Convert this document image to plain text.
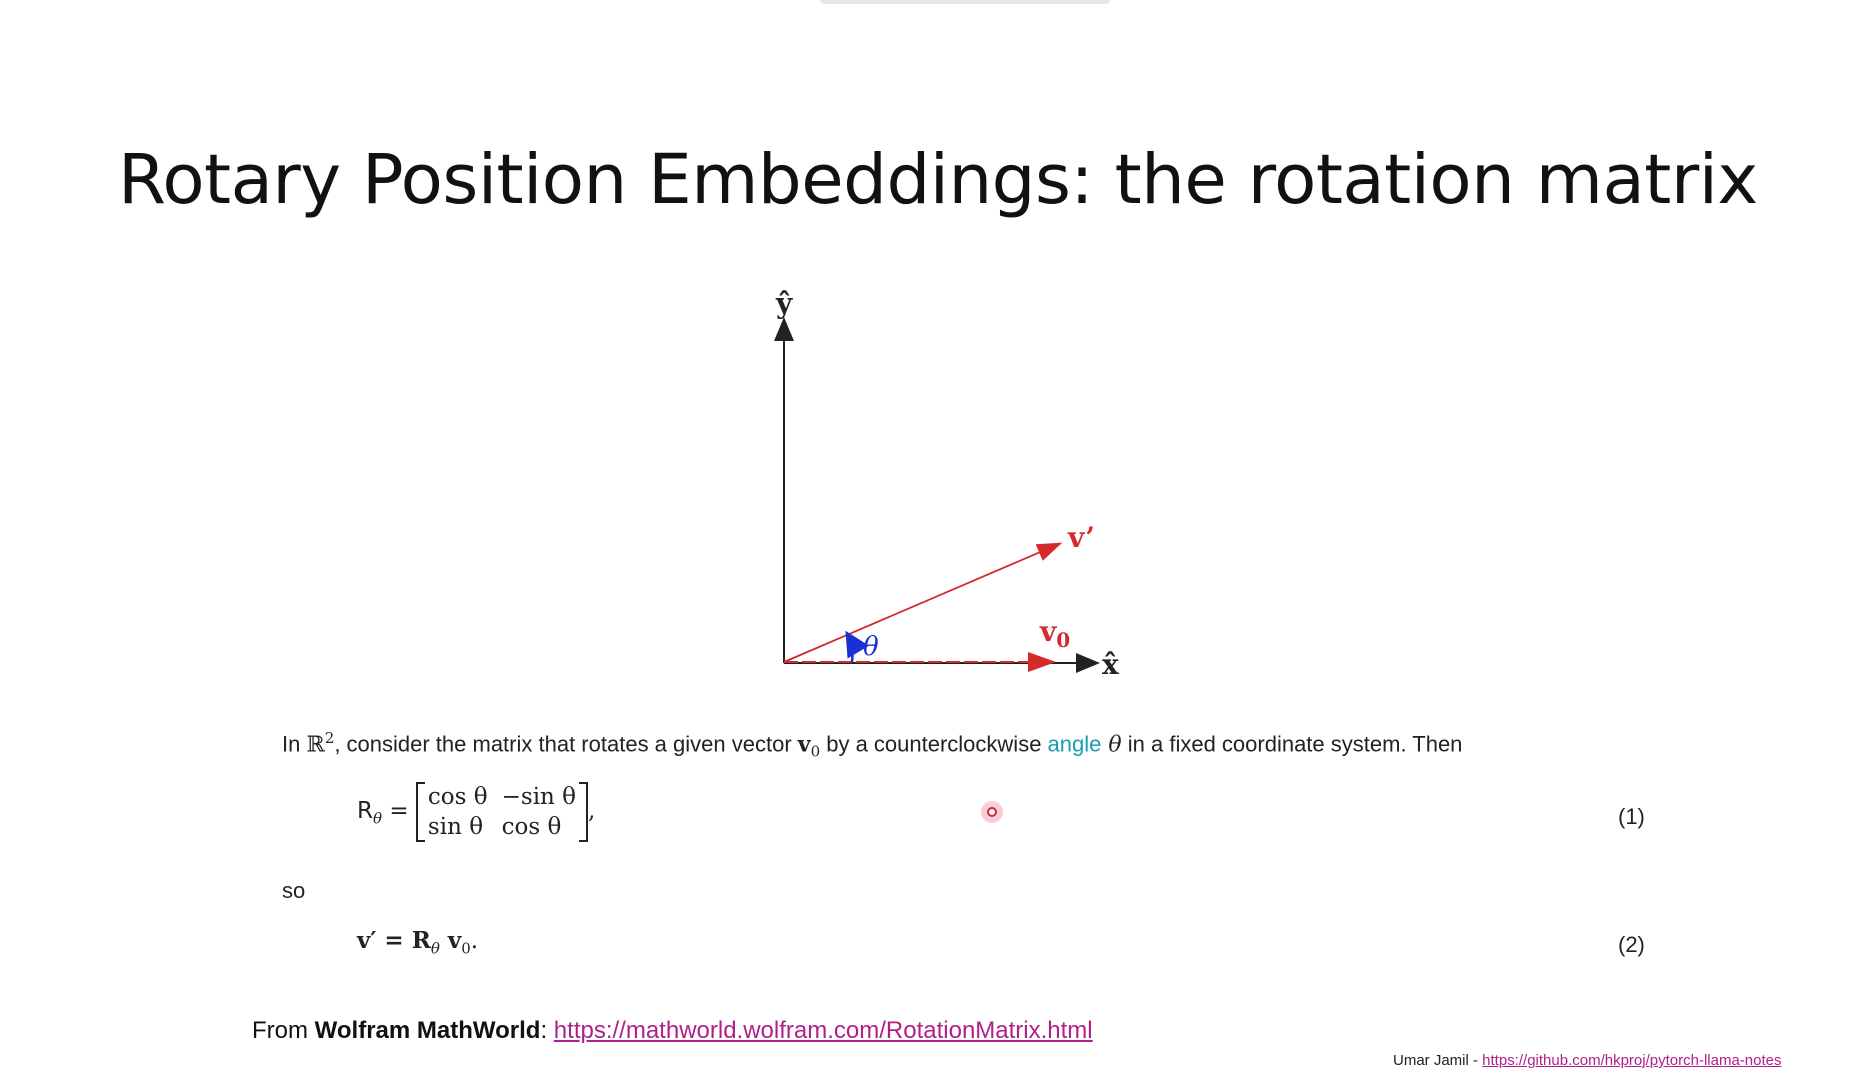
Rotary Position Embeddings: the rotation matrix
ŷ
x̂
v’
$v_0$
θ
In ℝ$^2$, consider the matrix that rotates a given vector $v_0$ by a counterclockwise angle θ in a fixed coordinate system. Then
$R_\theta$ =
cos θ −sin θ
sin θ cos θ
,	(1)
so
$v' = R_\theta$ $v_0$.	(2)
From Wolfram MathWorld: https://mathworld.wolfram.com/RotationMatrix.html
Umar Jamil - https://github.com/hkproj/pytorch-llama-notes
